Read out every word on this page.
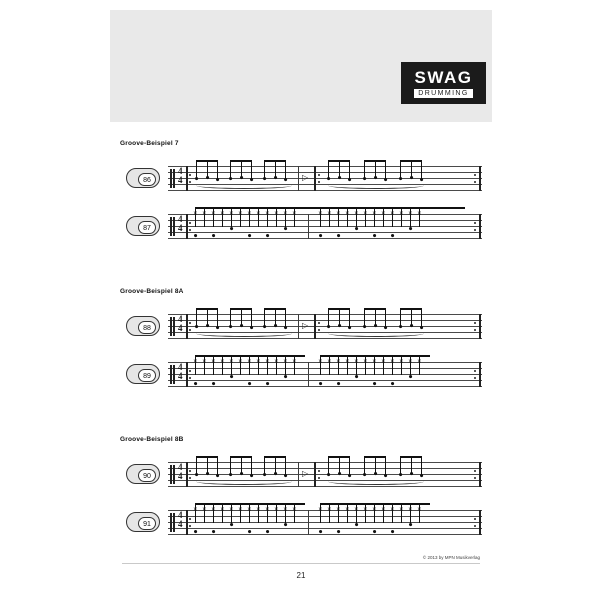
SWAG
DRUMMING
Groove-Beispiel 7
86
4
4	▷
87
4
4
✕ ✕ ✕ ✕ ✕ ✕ ✕ ✕ ✕ ✕ ✕ ✕	✕ ✕ ✕ ✕ ✕ ✕ ✕ ✕ ✕ ✕ ✕ ✕
Groove-Beispiel 8A
88
4
4	▷
89
4
4
✕ ✕ ✕ ✕ ✕ ✕ ✕ ✕ ✕ ✕ ✕ ✕	✕ ✕ ✕ ✕ ✕ ✕ ✕ ✕ ✕ ✕ ✕ ✕
Groove-Beispiel 8B
90
4
4	▷
91
4
4
✕ ✕ ✕ ✕ ✕ ✕ ✕ ✕ ✕ ✕ ✕ ✕	✕ ✕ ✕ ✕ ✕ ✕ ✕ ✕ ✕ ✕ ✕ ✕
© 2013 by MPN Musikverlag
21
